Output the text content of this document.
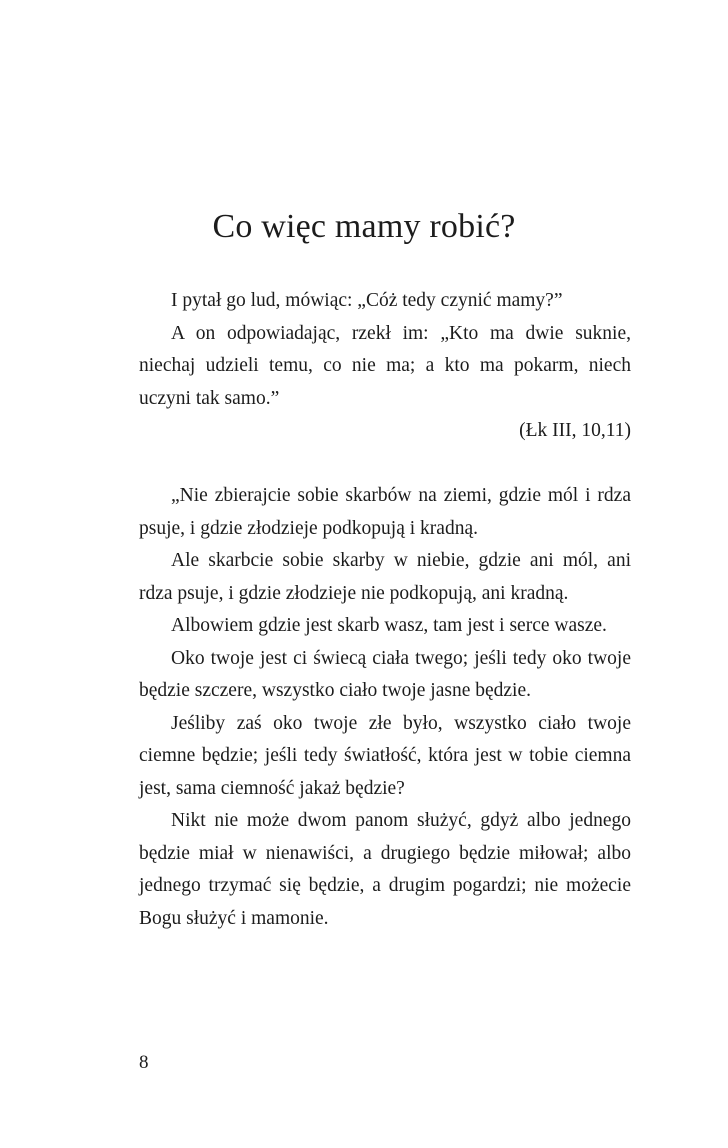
Co więc mamy robić?

I pytał go lud, mówiąc: „Cóż tedy czynić mamy?”

A on odpowiadając, rzekł im: „Kto ma dwie suknie, niechaj udzieli temu, co nie ma; a kto ma pokarm, niech uczyni tak samo.”

(Łk III, 10,11)

„Nie zbierajcie sobie skarbów na ziemi, gdzie mól i rdza psuje, i gdzie złodzieje podkopują i kradną.

Ale skarbcie sobie skarby w niebie, gdzie ani mól, ani rdza psuje, i gdzie złodzieje nie podkopują, ani kradną.

Albowiem gdzie jest skarb wasz, tam jest i serce wasze.

Oko twoje jest ci świecą ciała twego; jeśli tedy oko twoje będzie szczere, wszystko ciało twoje jasne będzie.

Jeśliby zaś oko twoje złe było, wszystko ciało twoje ciemne będzie; jeśli tedy światłość, która jest w tobie ciemna jest, sama ciemność jakaż będzie?

Nikt nie może dwom panom służyć, gdyż albo jednego będzie miał w nienawiści, a drugiego będzie miłował; albo jednego trzymać się będzie, a drugim pogardzi; nie możecie Bogu służyć i mamonie.

8
